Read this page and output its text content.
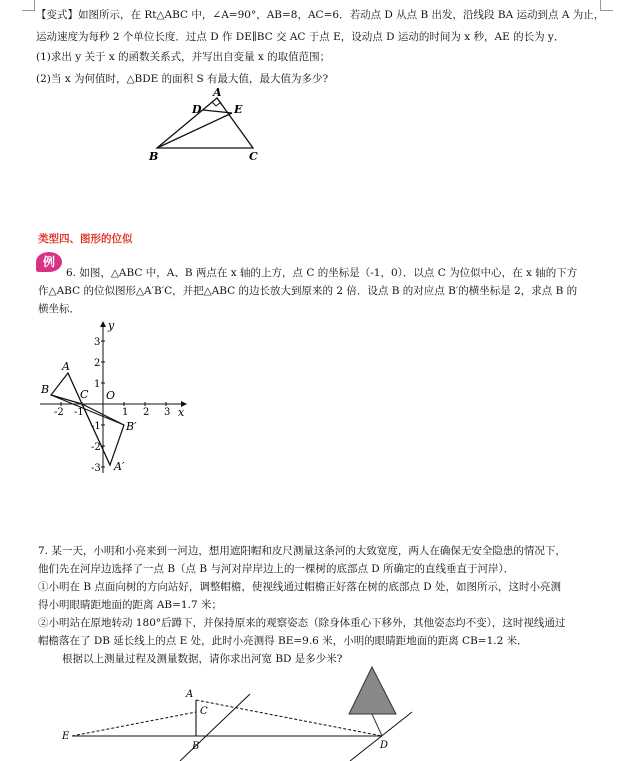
【变式】如图所示，在 Rt△ABC 中，∠A=90°，AB=8，AC=6．若动点 D 从点 B 出发，沿线段 BA 运动到点 A 为止，
运动速度为每秒 2 个单位长度．过点 D 作 DE∥BC 交 AC 于点 E，设动点 D 运动的时间为 x 秒，AE 的长为 y．
(1)求出 y 关于 x 的函数关系式，并写出自变量 x 的取值范围；
(2)当 x 为何值时，△BDE 的面积 S 有最大值，最大值为多少?
A
D	E
B	C
类型四、图形的位似
例
6. 如图，△ABC 中，A、B 两点在 x 轴的上方，点 C 的坐标是（-1，0）．以点 C 为位似中心，在 x 轴的下方
作△ABC 的位似图形△A′B′C，并把△ABC 的边长放大到原来的 2 倍．设点 B 的对应点 B′的横坐标是 2，求点 B 的
横坐标．
A
B	C O
B′
A′
x
y
-2 -1	1 2 3
3
2
1
-1
-2
-3
7. 某一天，小明和小亮来到一河边，想用遮阳帽和皮尺测量这条河的大致宽度，两人在确保无安全隐患的情况下，
他们先在河岸边选择了一点 B（点 B 与河对岸岸边上的一棵树的底部点 D 所确定的直线垂直于河岸）．
①小明在 B 点面向树的方向站好，调整帽檐，使视线通过帽檐正好落在树的底部点 D 处，如图所示，这时小亮测
得小明眼睛距地面的距离 AB=1.7 米；
②小明站在原地转动 180°后蹲下，并保持原来的观察姿态（除身体重心下移外，其他姿态均不变），这时视线通过
帽檐落在了 DB 延长线上的点 E 处，此时小亮测得 BE=9.6 米，小明的眼睛距地面的距离 CB=1.2 米．
根据以上测量过程及测量数据，请你求出河宽 BD 是多少米?
A
C
B
E
D
